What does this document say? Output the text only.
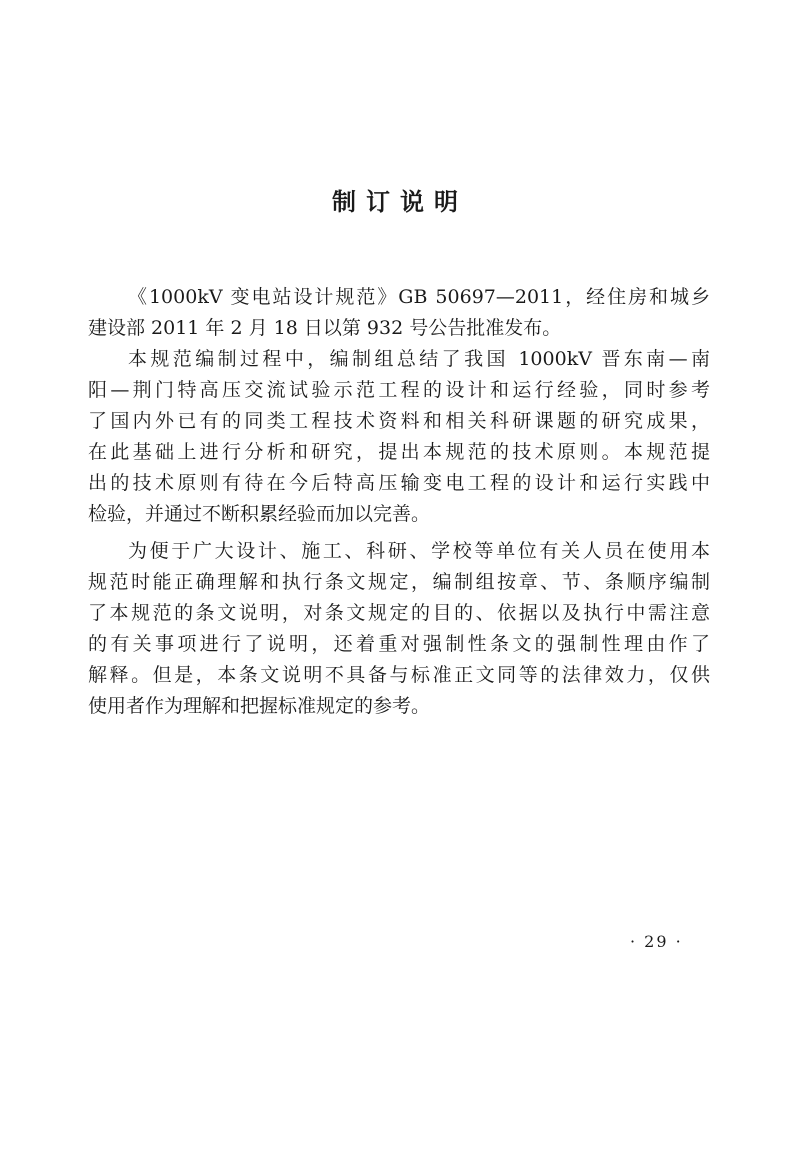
制订说明
《1000kV 变电站设计规范》GB 50697—2011，经住房和城乡
建设部 2011 年 2 月 18 日以第 932 号公告批准发布。
本规范编制过程中，编制组总结了我国 1000kV 晋东南—南
阳—荆门特高压交流试验示范工程的设计和运行经验，同时参考
了国内外已有的同类工程技术资料和相关科研课题的研究成果，
在此基础上进行分析和研究，提出本规范的技术原则。本规范提
出的技术原则有待在今后特高压输变电工程的设计和运行实践中
检验，并通过不断积累经验而加以完善。
为便于广大设计、施工、科研、学校等单位有关人员在使用本
规范时能正确理解和执行条文规定，编制组按章、节、条顺序编制
了本规范的条文说明，对条文规定的目的、依据以及执行中需注意
的有关事项进行了说明，还着重对强制性条文的强制性理由作了
解释。但是，本条文说明不具备与标准正文同等的法律效力，仅供
使用者作为理解和把握标准规定的参考。
· 29 ·
